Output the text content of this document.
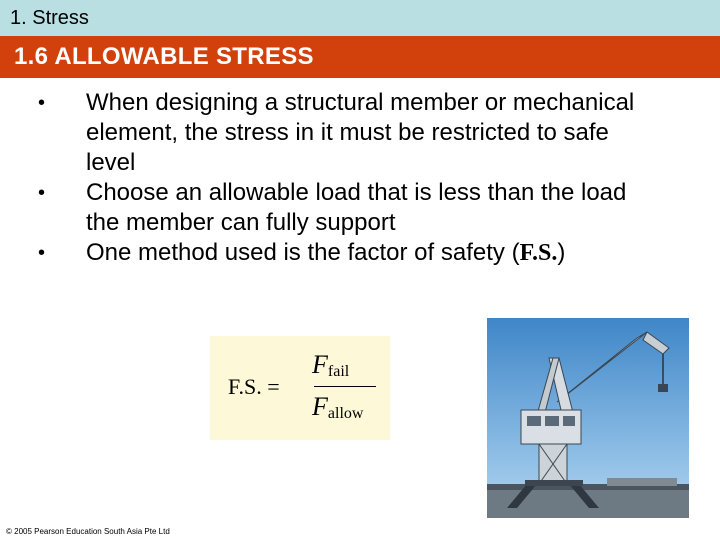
1. Stress
1.6 ALLOWABLE STRESS
• When designing a structural member or mechanical element, the stress in it must be restricted to safe level
• Choose an allowable load that is less than the load the member can fully support
• One method used is the factor of safety (F.S.)
F.S. =
$F_{fail}$
$F_{allow}$
© 2005 Pearson Education South Asia Pte Ltd
